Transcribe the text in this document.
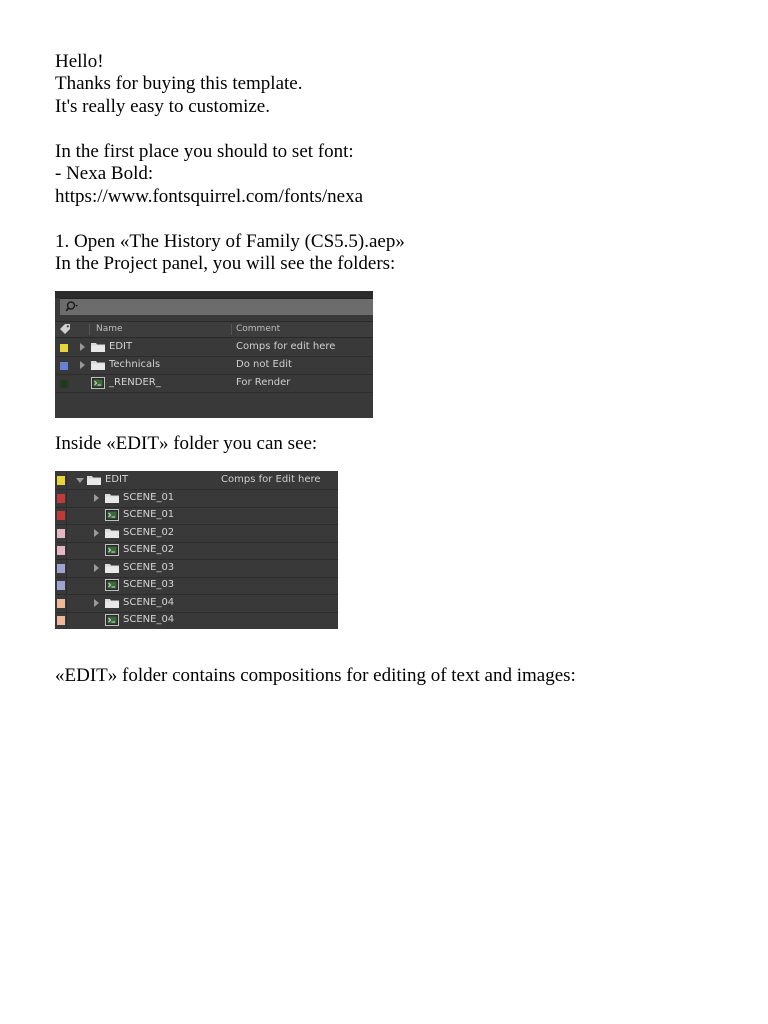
Hello!
Thanks for buying this template.
It's really easy to customize.
In the first place you should to set font:
- Nexa Bold:
https://www.fontsquirrel.com/fonts/nexa
1. Open «The History of Family (CS5.5).aep»
In the Project panel, you will see the folders:
Name	Comment
EDIT	Comps for edit here
Technicals	Do not Edit
_RENDER_	For Render
Inside «EDIT» folder you can see:
EDIT	Comps for Edit here
SCENE_01
SCENE_01
SCENE_02
SCENE_02
SCENE_03
SCENE_03
SCENE_04
SCENE_04
«EDIT» folder contains compositions for editing of text and images:
